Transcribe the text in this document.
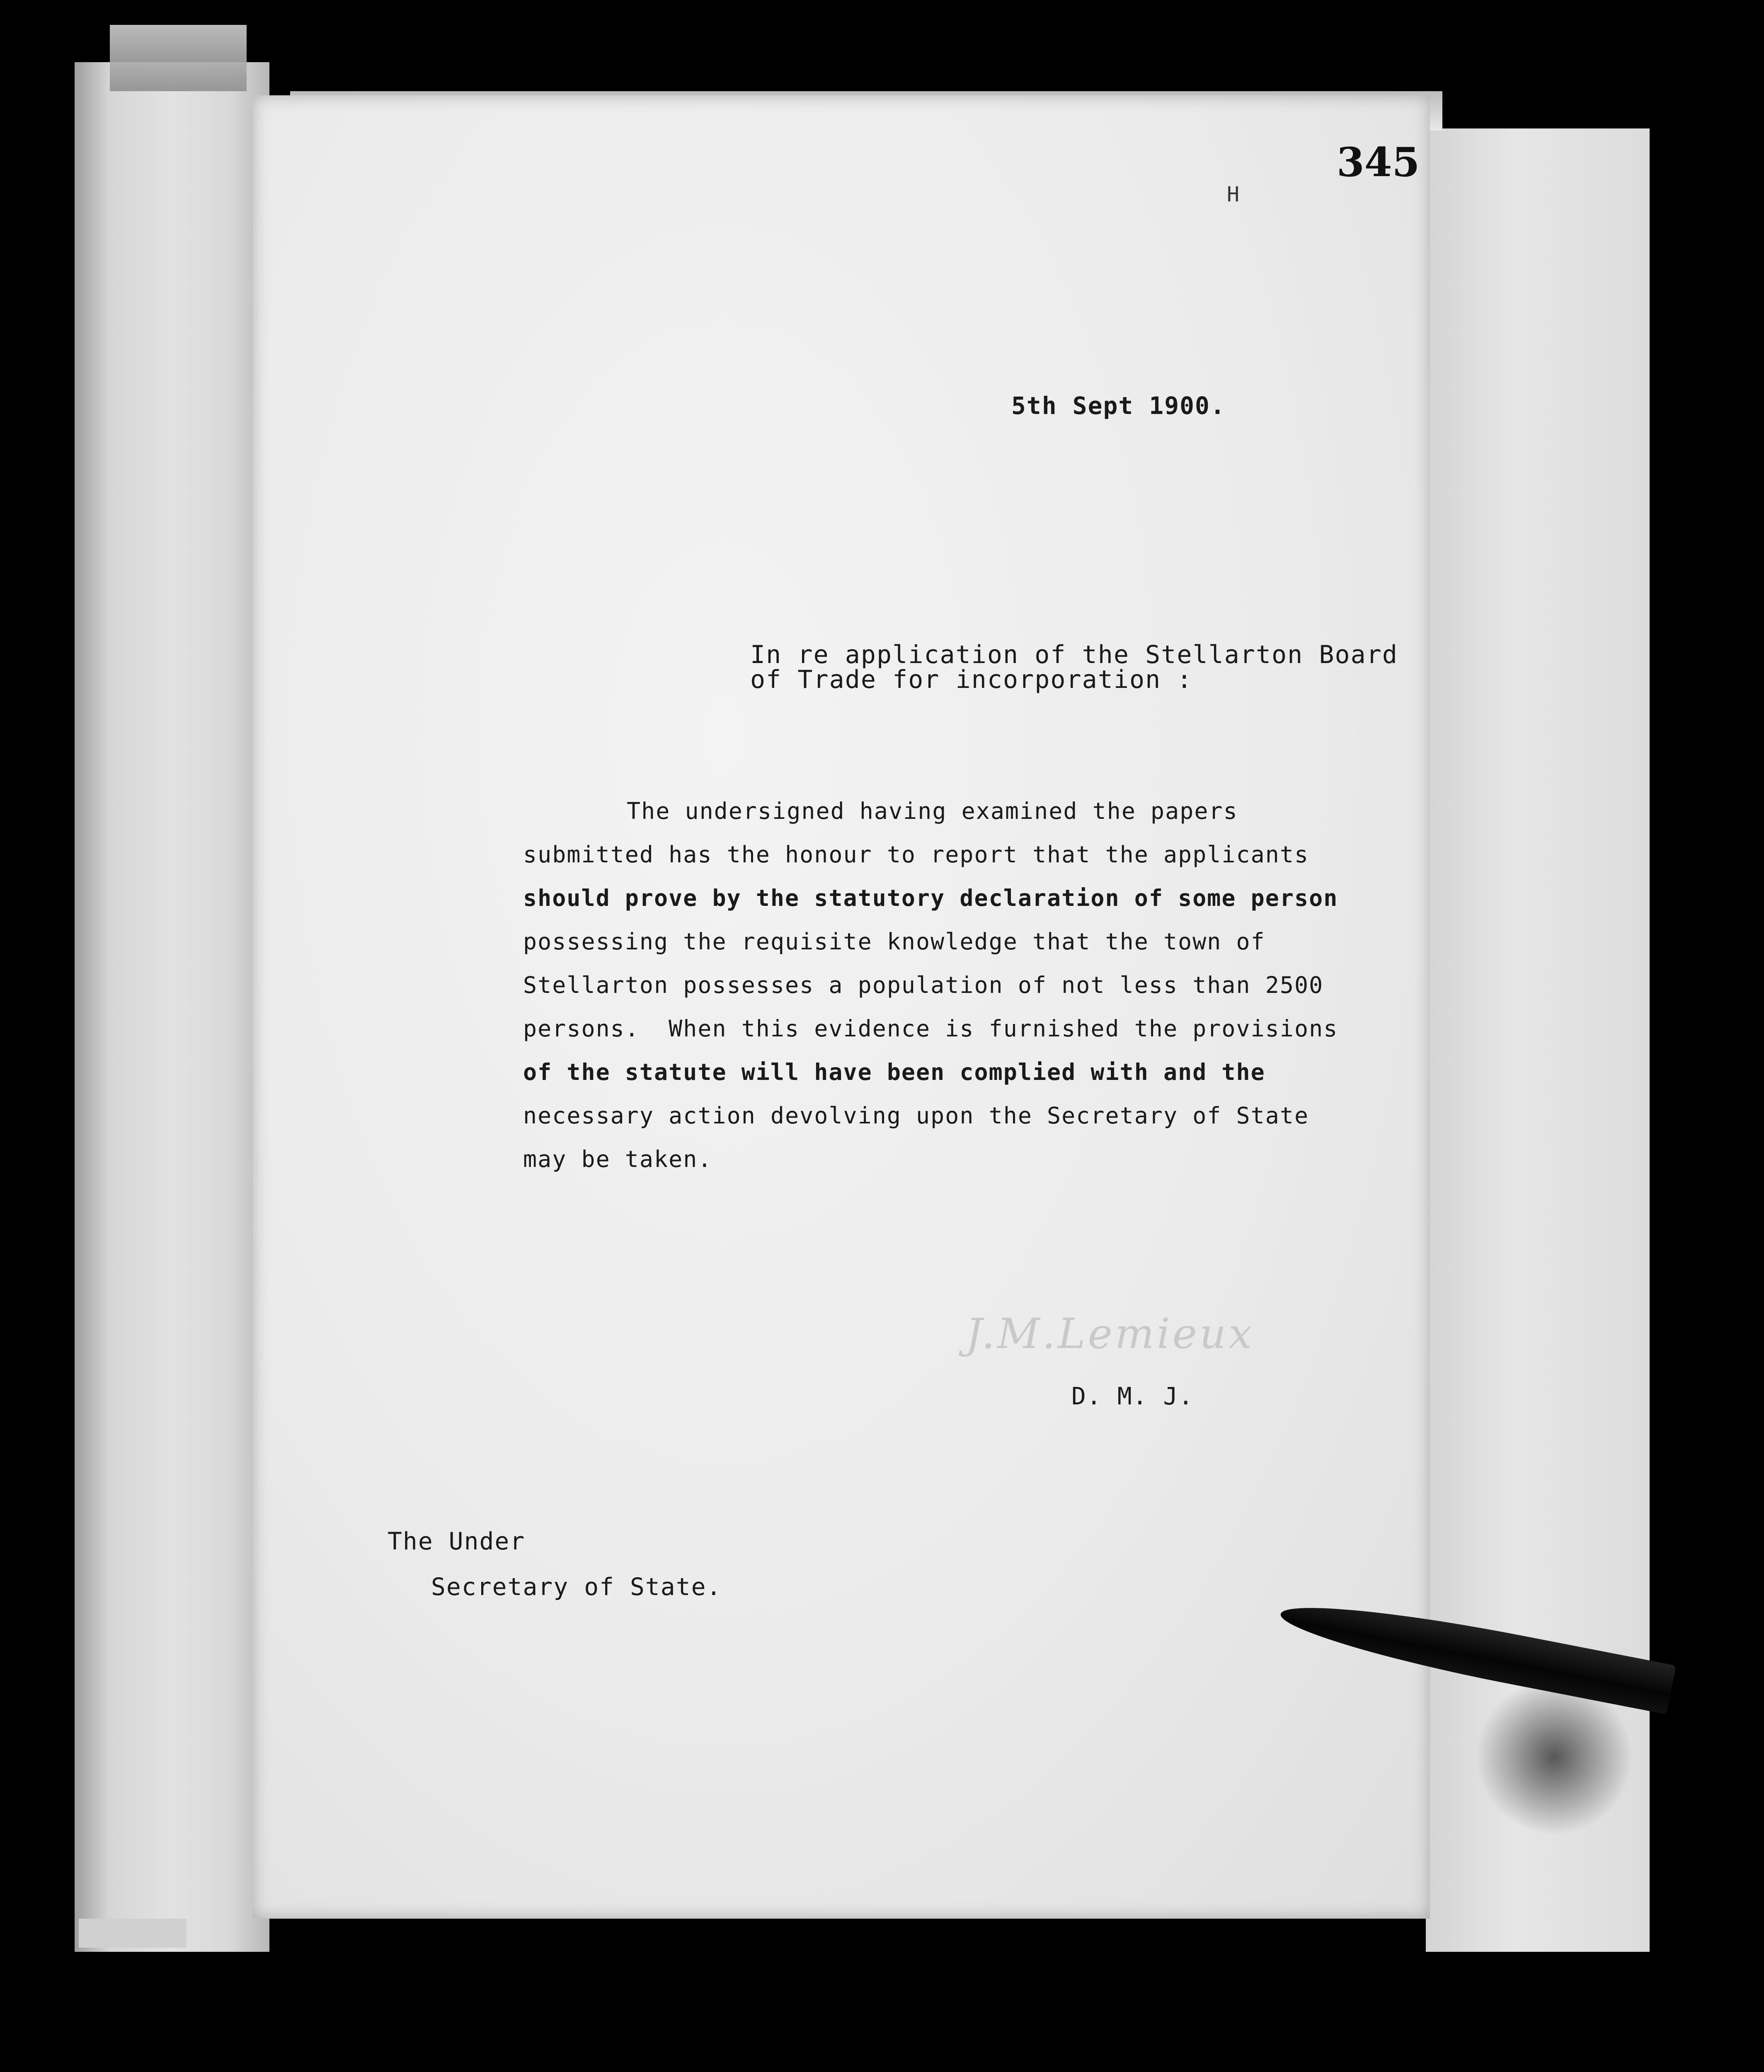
345
H
5th Sept 1900.
In re application of the Stellarton Board
of Trade for incorporation :
The undersigned having examined the papers
submitted has the honour to report that the applicants
should prove by the statutory declaration of some person
possessing the requisite knowledge that the town of
Stellarton possesses a population of not less than 2500
persons.  When this evidence is furnished the provisions
of the statute will have been complied with and the
necessary action devolving upon the Secretary of State
may be taken.
J.M.Lemieux
D. M. J.
The Under
Secretary of State.
